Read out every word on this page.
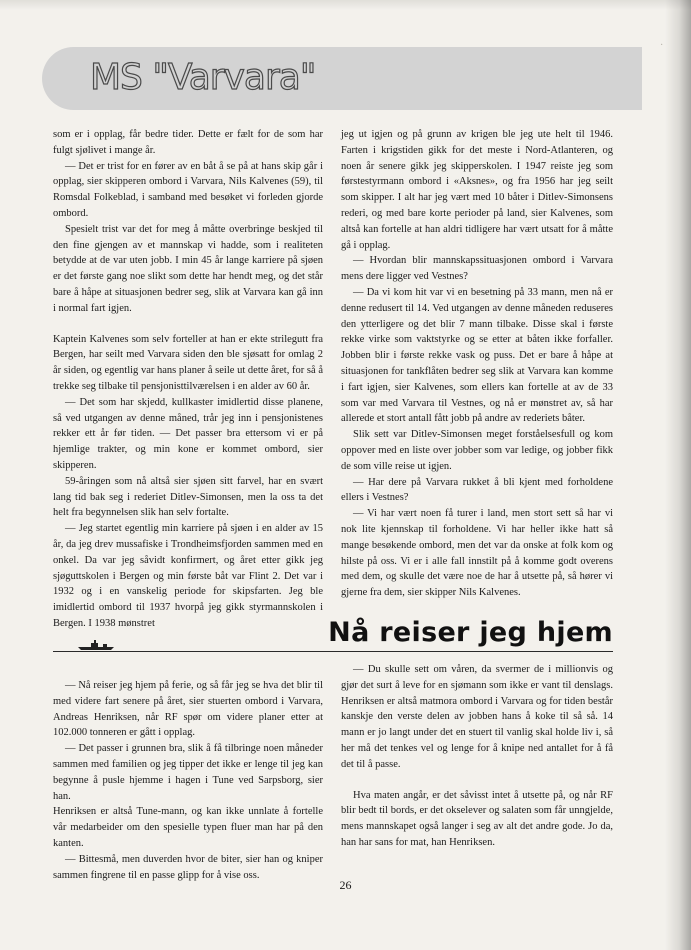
·
MS "Varvara"

som er i opplag, får bedre tider. Dette er fælt for de som har fulgt sjølivet i mange år.

— Det er trist for en fører av en båt å se på at hans skip går i opplag, sier skipperen ombord i Varvara, Nils Kalvenes (59), til Romsdal Folkeblad, i samband med besøket vi forleden gjorde ombord.

Spesielt trist var det for meg å måtte overbringe beskjed til den fine gjengen av et mannskap vi hadde, som i realiteten betydde at de var uten jobb. I min 45 år lange karriere på sjøen er det første gang noe slikt som dette har hendt meg, og det står bare å håpe at situasjonen bedrer seg, slik at Varvara kan gå inn i normal fart igjen.

Kaptein Kalvenes som selv forteller at han er ekte strilegutt fra Bergen, har seilt med Varvara siden den ble sjøsatt for omlag 2 år siden, og egentlig var hans planer å seile ut dette året, for så å trekke seg tilbake til pensjonisttilværelsen i en alder av 60 år.

— Det som har skjedd, kullkaster imidlertid disse planene, så ved utgangen av denne måned, trår jeg inn i pensjonistenes rekker ett år før tiden. — Det passer bra ettersom vi er på hjemlige trakter, og min kone er kommet ombord, sier skipperen.

59-åringen som nå altså sier sjøen sitt farvel, har en svært lang tid bak seg i rederiet Ditlev-Simonsen, men la oss ta det helt fra begynnelsen slik han selv fortalte.

— Jeg startet egentlig min karriere på sjøen i en alder av 15 år, da jeg drev mussafiske i Trondheimsfjorden sammen med en onkel. Da var jeg såvidt konfirmert, og året etter gikk jeg sjøguttskolen i Bergen og min første båt var Flint 2. Det var i 1932 og i en vanskelig periode for skipsfarten. Jeg ble imidlertid ombord til 1937 hvorpå jeg gikk styrmannskolen i Bergen. I 1938 mønstret

jeg ut igjen og på grunn av krigen ble jeg ute helt til 1946. Farten i krigstiden gikk for det meste i Nord-Atlanteren, og noen år senere gikk jeg skipperskolen. I 1947 reiste jeg som førstestyrmann ombord i «Aksnes», og fra 1956 har jeg seilt som skipper. I alt har jeg vært med 10 båter i Ditlev-Simonsens rederi, og med bare korte perioder på land, sier Kalvenes, som altså kan fortelle at han aldri tidligere har vært utsatt for å måtte gå i opplag.

— Hvordan blir mannskapssituasjonen ombord i Varvara mens dere ligger ved Vestnes?

— Da vi kom hit var vi en besetning på 33 mann, men nå er denne redusert til 14. Ved utgangen av denne måneden reduseres den ytterligere og det blir 7 mann tilbake. Disse skal i første rekke virke som vaktstyrke og se etter at båten ikke forfaller. Jobben blir i første rekke vask og puss. Det er bare å håpe at situasjonen for tankflåten bedrer seg slik at Varvara kan komme i fart igjen, sier Kalvenes, som ellers kan fortelle at av de 33 som var med Varvara til Vestnes, og nå er mønstret av, så har allerede et stort antall fått jobb på andre av rederiets båter.

Slik sett var Ditlev-Simonsen meget forståelsesfull og kom oppover med en liste over jobber som var ledige, og jobber fikk de som ville reise ut igjen.

— Har dere på Varvara rukket å bli kjent med forholdene ellers i Vestnes?

— Vi har vært noen få turer i land, men stort sett så har vi nok lite kjennskap til forholdene. Vi har heller ikke hatt så mange besøkende ombord, men det var da onske at folk kom og hilste på oss. Vi er i alle fall innstilt på å komme godt overens med dem, og skulle det være noe de har å utsette på, så hører vi gjerne fra dem, sier skipper Nils Kalvenes.

Nå reiser jeg hjem

— Nå reiser jeg hjem på ferie, og så får jeg se hva det blir til med videre fart senere på året, sier stuerten ombord i Varvara, Andreas Henriksen, når RF spør om videre planer etter at 102.000 tonneren er gått i opplag.

— Det passer i grunnen bra, slik å få tilbringe noen måneder sammen med familien og jeg tipper det ikke er lenge til jeg kan begynne å pusle hjemme i hagen i Tune ved Sarpsborg, sier han.

Henriksen er altså Tune-mann, og kan ikke unnlate å fortelle vår medarbeider om den spesielle typen fluer man har på den kanten.

— Bittesmå, men duverden hvor de biter, sier han og kniper sammen fingrene til en passe glipp for å vise oss.

— Du skulle sett om våren, da svermer de i millionvis og gjør det surt å leve for en sjømann som ikke er vant til denslags. Henriksen er altså matmora ombord i Varvara og for tiden består kanskje den verste delen av jobben hans å koke til så så. 14 mann er jo langt under det en stuert til vanlig skal holde liv i, så her må det tenkes vel og lenge for å knipe ned antallet for å få det til å passe.

Hva maten angår, er det såvisst intet å utsette på, og når RF blir bedt til bords, er det okselever og salaten som får unngjelde, mens mannskapet også langer i seg av alt det andre gode. Jo da, han har sans for mat, han Henriksen.

26
